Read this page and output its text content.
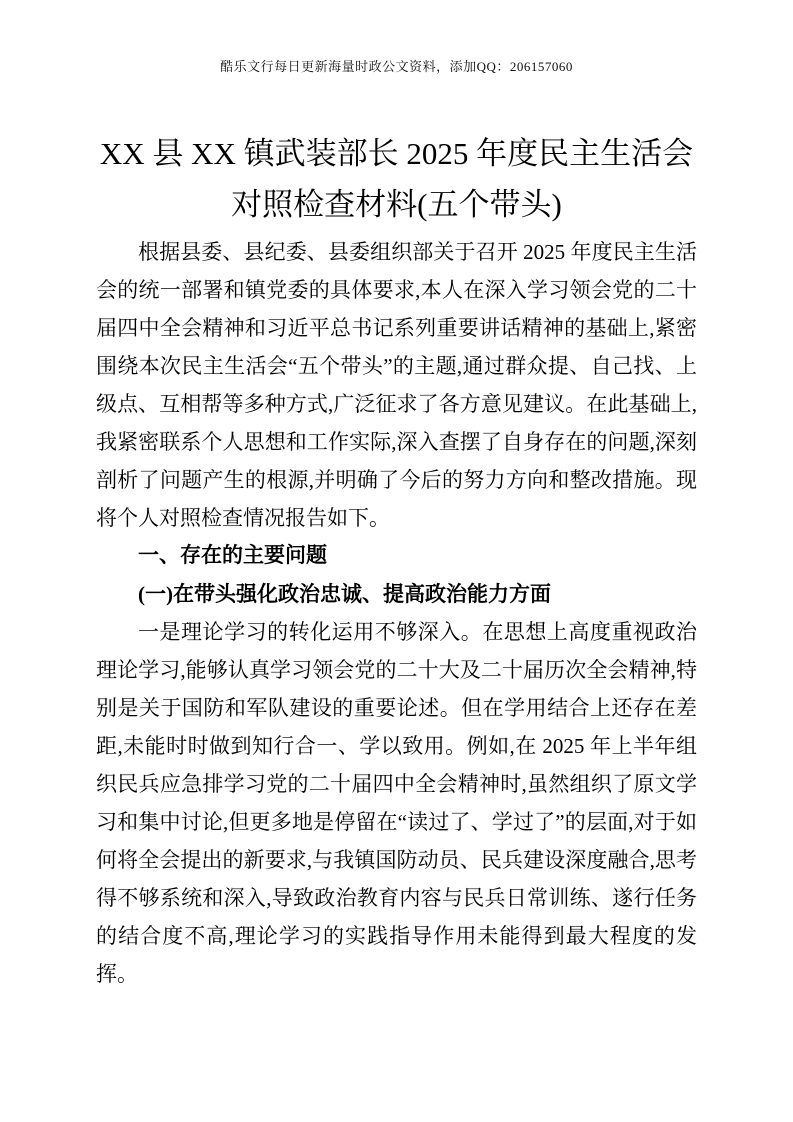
酷乐文行每日更新海量时政公文资料，添加QQ：206157060
XX 县 XX 镇武装部长 2025 年度民主生活会对照检查材料(五个带头)

根据县委、县纪委、县委组织部关于召开 2025 年度民主生活会的统一部署和镇党委的具体要求,本人在深入学习领会党的二十届四中全会精神和习近平总书记系列重要讲话精神的基础上,紧密围绕本次民主生活会“五个带头”的主题,通过群众提、自己找、上级点、互相帮等多种方式,广泛征求了各方意见建议。在此基础上,我紧密联系个人思想和工作实际,深入查摆了自身存在的问题,深刻剖析了问题产生的根源,并明确了今后的努力方向和整改措施。现将个人对照检查情况报告如下。

一、存在的主要问题

(一)在带头强化政治忠诚、提高政治能力方面

一是理论学习的转化运用不够深入。在思想上高度重视政治理论学习,能够认真学习领会党的二十大及二十届历次全会精神,特别是关于国防和军队建设的重要论述。但在学用结合上还存在差距,未能时时做到知行合一、学以致用。例如,在 2025 年上半年组织民兵应急排学习党的二十届四中全会精神时,虽然组织了原文学习和集中讨论,但更多地是停留在“读过了、学过了”的层面,对于如何将全会提出的新要求,与我镇国防动员、民兵建设深度融合,思考得不够系统和深入,导致政治教育内容与民兵日常训练、遂行任务的结合度不高,理论学习的实践指导作用未能得到最大程度的发挥。
